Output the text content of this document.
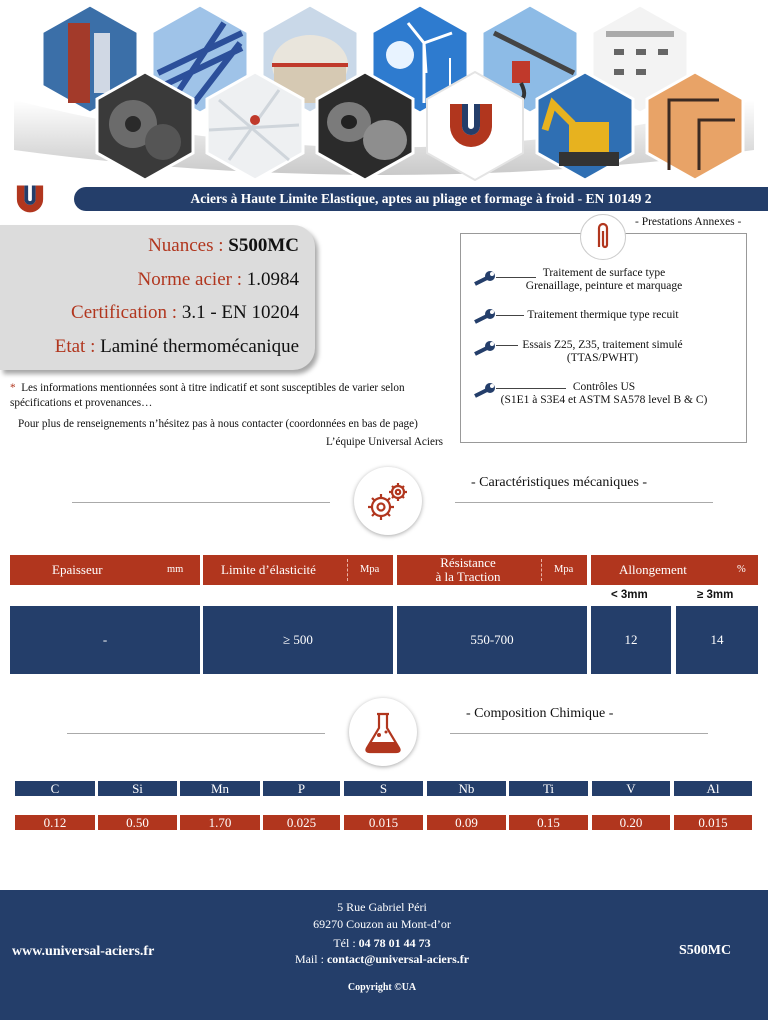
Aciers à Haute Limite Elastique, aptes au pliage et formage à froid - EN 10149 2
Nuances : S500MC
Norme acier : 1.0984
Certification : 3.1 - EN 10204
Etat : Laminé thermomécanique
* Les informations mentionnées sont à titre indicatif et sont susceptibles de varier selon spécifications et provenances…
Pour plus de renseignements n’hésitez pas à nous contacter (coordonnées en bas de page)
L’équipe Universal Aciers
- Prestations Annexes -
Traitement de surface type
Grenaillage, peinture et marquage
Traitement thermique type recuit
Essais Z25, Z35, traitement simulé
(TTAS/PWHT)
Contrôles US
(S1E1 à S3E4 et ASTM SA578 level B & C)
- Caractéristiques mécaniques -
Epaisseur	mm	Limite d’élasticité	Mpa	Résistance
à la Traction	Mpa	Allongement	%
< 3mm	≥ 3mm
-	≥ 500	550-700	12	14
- Composition Chimique -
C	Si	Mn	P	S	Nb	Ti	V	Al
0.12	0.50	1.70	0.025	0.015	0.09	0.15	0.20	0.015
5 Rue Gabriel Péri
69270 Couzon au Mont-d’or
Tél : 04 78 01 44 73
Mail : contact@universal-aciers.fr
Copyright ©UA
www.universal-aciers.fr	S500MC
